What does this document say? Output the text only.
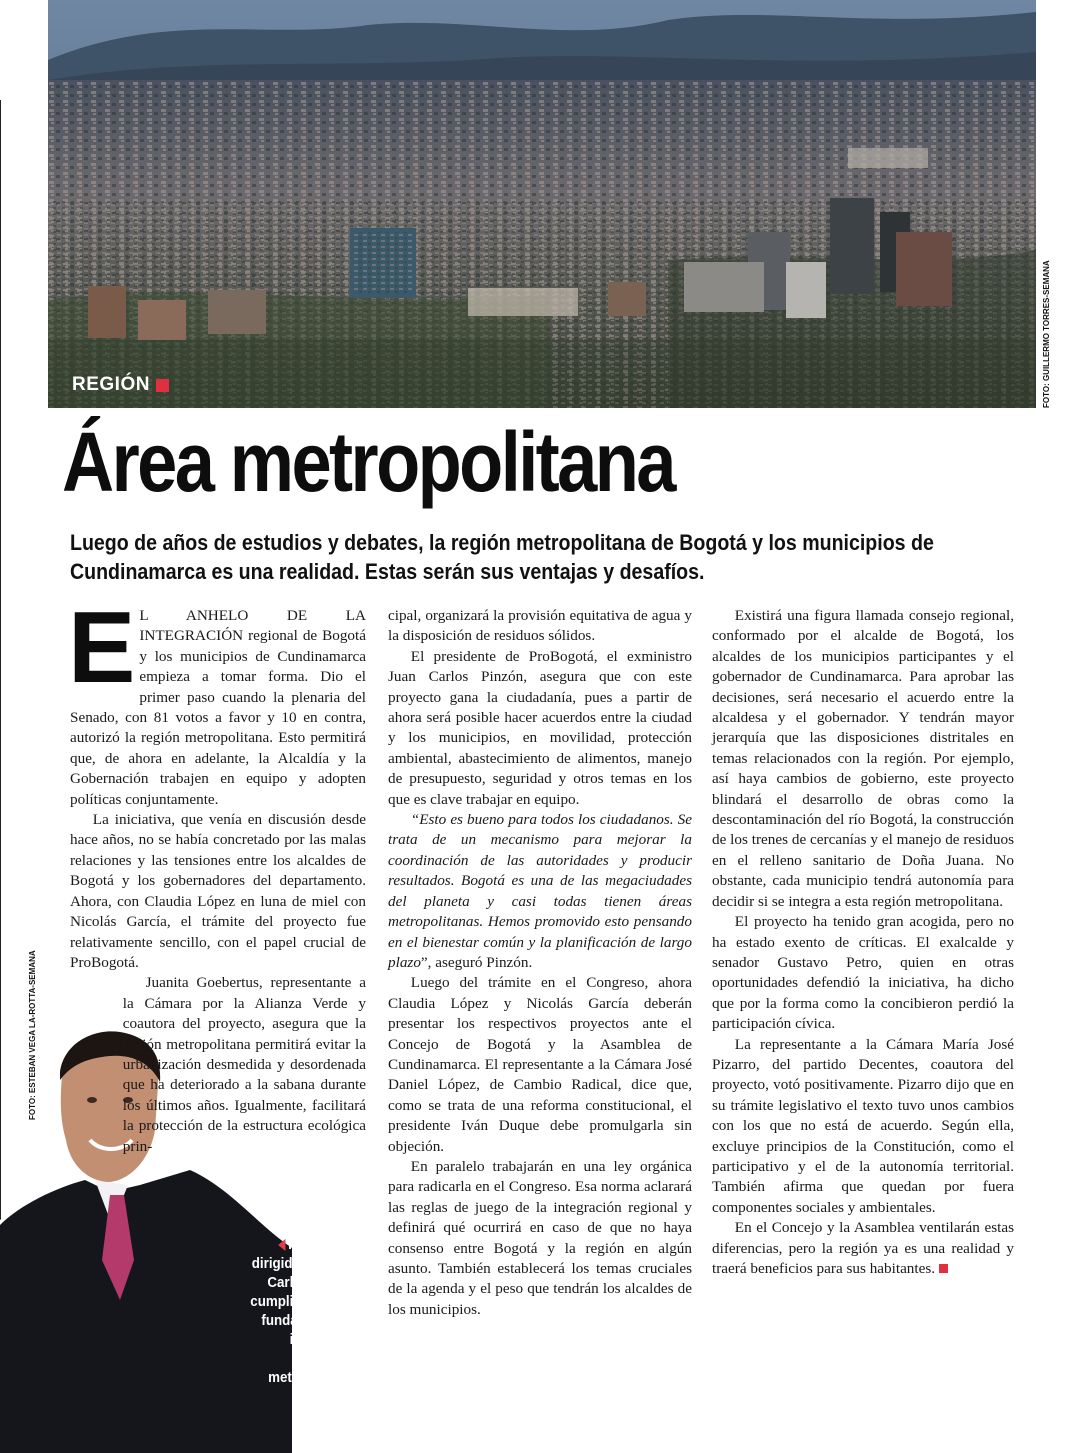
REGIÓN	FOTO: GUILLERMO TORRES-SEMANA
Área metropolitana

Luego de años de estudios y debates, la región metropolitana de Bogotá y los municipios de Cundinamarca es una realidad. Estas serán sus ventajas y desafíos.

ProBogotá, dirigida por Juan Carlos Pinzón, cumplió un papel fundamental en impulsar la región metropolitana.
FOTO: ESTEBAN VEGA LA-ROTTA-SEMANA
E L ANHELO DE LA INTEGRACIÓN regional de Bogotá y los municipios de Cundinamarca empieza a tomar forma. Dio el primer paso cuando la plenaria del Senado, con 81 votos a favor y 10 en contra, autorizó la región metropolitana. Esto permitirá que, de ahora en adelante, la Alcaldía y la Gobernación trabajen en equipo y adopten políticas conjuntamente.

La iniciativa, que venía en discusión desde hace años, no se había concretado por las malas relaciones y las tensiones entre los alcaldes de Bogotá y los gobernadores del departamento. Ahora, con Claudia López en luna de miel con Nicolás García, el trámite del proyecto fue relativamente sencillo, con el papel crucial de ProBogotá.

Juanita Goebertus, representante a la Cámara por la Alianza Verde y coautora del proyecto, asegura que la región metropolitana permitirá evitar la urbanización desmedida y desordenada que ha deteriorado a la sabana durante los últimos años. Igualmente, facilitará la protección de la estructura ecológica prin-

cipal, organizará la provisión equitativa de agua y la disposición de residuos sólidos.

El presidente de ProBogotá, el exministro Juan Carlos Pinzón, asegura que con este proyecto gana la ciudadanía, pues a partir de ahora será posible hacer acuerdos entre la ciudad y los municipios, en movilidad, protección ambiental, abastecimiento de alimentos, manejo de presupuesto, seguridad y otros temas en los que es clave trabajar en equipo.

“Esto es bueno para todos los ciudadanos. Se trata de un mecanismo para mejorar la coordinación de las autoridades y producir resultados. Bogotá es una de las megaciudades del planeta y casi todas tienen áreas metropolitanas. Hemos promovido esto pensando en el bienestar común y la planificación de largo plazo”, aseguró Pinzón.

Luego del trámite en el Congreso, ahora Claudia López y Nicolás García deberán presentar los respectivos proyectos ante el Concejo de Bogotá y la Asamblea de Cundinamarca. El representante a la Cámara José Daniel López, de Cambio Radical, dice que, como se trata de una reforma constitucional, el presidente Iván Duque debe promulgarla sin objeción.

En paralelo trabajarán en una ley orgánica para radicarla en el Congreso. Esa norma aclarará las reglas de juego de la integración regional y definirá qué ocurrirá en caso de que no haya consenso entre Bogotá y la región en algún asunto. También establecerá los temas cruciales de la agenda y el peso que tendrán los alcaldes de los municipios.

Existirá una figura llamada consejo regional, conformado por el alcalde de Bogotá, los alcaldes de los municipios participantes y el gobernador de Cundinamarca. Para aprobar las decisiones, será necesario el acuerdo entre la alcaldesa y el gobernador. Y tendrán mayor jerarquía que las disposiciones distritales en temas relacionados con la región. Por ejemplo, así haya cambios de gobierno, este proyecto blindará el desarrollo de obras como la descontaminación del río Bogotá, la construcción de los trenes de cercanías y el manejo de residuos en el relleno sanitario de Doña Juana. No obstante, cada municipio tendrá autonomía para decidir si se integra a esta región metropolitana.

El proyecto ha tenido gran acogida, pero no ha estado exento de críticas. El exalcalde y senador Gustavo Petro, quien en otras oportunidades defendió la iniciativa, ha dicho que por la forma como la concibieron perdió la participación cívica.

La representante a la Cámara María José Pizarro, del partido Decentes, coautora del proyecto, votó positivamente. Pizarro dijo que en su trámite legislativo el texto tuvo unos cambios con los que no está de acuerdo. Según ella, excluye principios de la Constitución, como el participativo y el de la autonomía territorial. También afirma que quedan por fuera componentes sociales y ambientales.

En el Concejo y la Asamblea ventilarán estas diferencias, pero la región ya es una realidad y traerá beneficios para sus habitantes.
